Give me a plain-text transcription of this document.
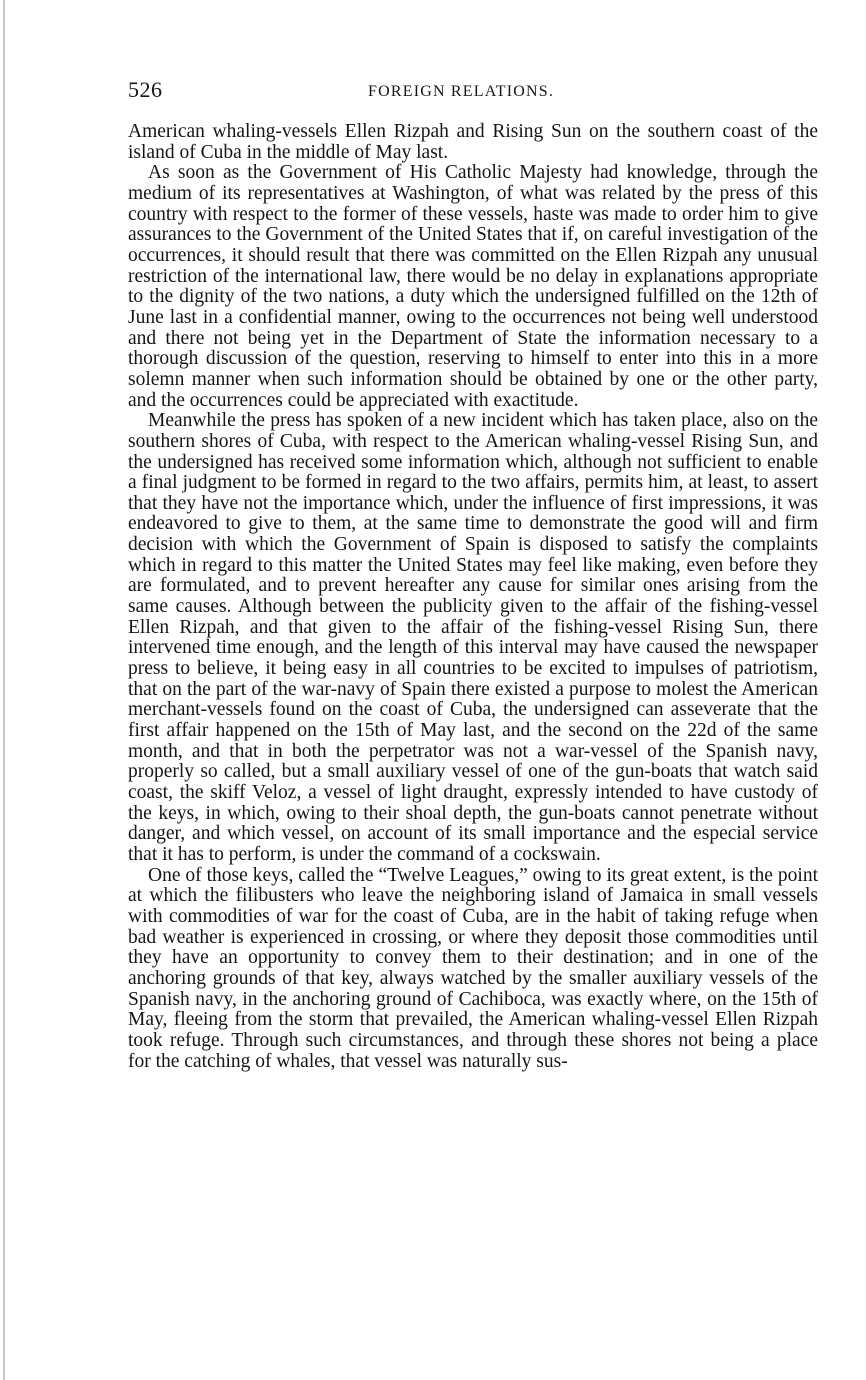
526	FOREIGN RELATIONS.

American whaling-vessels Ellen Rizpah and Rising Sun on the southern coast of the island of Cuba in the middle of May last.

As soon as the Government of His Catholic Majesty had knowledge, through the medium of its representatives at Washington, of what was related by the press of this country with respect to the former of these vessels, haste was made to order him to give assurances to the Government of the United States that if, on careful investigation of the occurrences, it should result that there was committed on the Ellen Rizpah any unusual restriction of the international law, there would be no delay in explanations appropriate to the dignity of the two nations, a duty which the undersigned fulfilled on the 12th of June last in a confidential manner, owing to the occurrences not being well understood and there not being yet in the Department of State the information necessary to a thorough discussion of the question, reserving to himself to enter into this in a more solemn manner when such information should be obtained by one or the other party, and the occurrences could be appreciated with exactitude.

Meanwhile the press has spoken of a new incident which has taken place, also on the southern shores of Cuba, with respect to the American whaling-vessel Rising Sun, and the undersigned has received some information which, although not sufficient to enable a final judgment to be formed in regard to the two affairs, permits him, at least, to assert that they have not the importance which, under the influence of first impressions, it was endeavored to give to them, at the same time to demonstrate the good will and firm decision with which the Government of Spain is disposed to satisfy the complaints which in regard to this matter the United States may feel like making, even before they are formulated, and to prevent hereafter any cause for similar ones arising from the same causes. Although between the publicity given to the affair of the fishing-vessel Ellen Rizpah, and that given to the affair of the fishing-vessel Rising Sun, there intervened time enough, and the length of this interval may have caused the newspaper press to believe, it being easy in all countries to be excited to impulses of patriotism, that on the part of the war-navy of Spain there existed a purpose to molest the American merchant-vessels found on the coast of Cuba, the undersigned can asseverate that the first affair happened on the 15th of May last, and the second on the 22d of the same month, and that in both the perpetrator was not a war-vessel of the Spanish navy, properly so called, but a small auxiliary vessel of one of the gun-boats that watch said coast, the skiff Veloz, a vessel of light draught, expressly intended to have custody of the keys, in which, owing to their shoal depth, the gun-boats cannot penetrate without danger, and which vessel, on account of its small importance and the especial service that it has to perform, is under the command of a cockswain.

One of those keys, called the “Twelve Leagues,” owing to its great extent, is the point at which the filibusters who leave the neighboring island of Jamaica in small vessels with commodities of war for the coast of Cuba, are in the habit of taking refuge when bad weather is experienced in crossing, or where they deposit those commodities until they have an opportunity to convey them to their destination; and in one of the anchoring grounds of that key, always watched by the smaller auxiliary vessels of the Spanish navy, in the anchoring ground of Cachiboca, was exactly where, on the 15th of May, fleeing from the storm that prevailed, the American whaling-vessel Ellen Rizpah took refuge. Through such circumstances, and through these shores not being a place for the catching of whales, that vessel was naturally sus-
